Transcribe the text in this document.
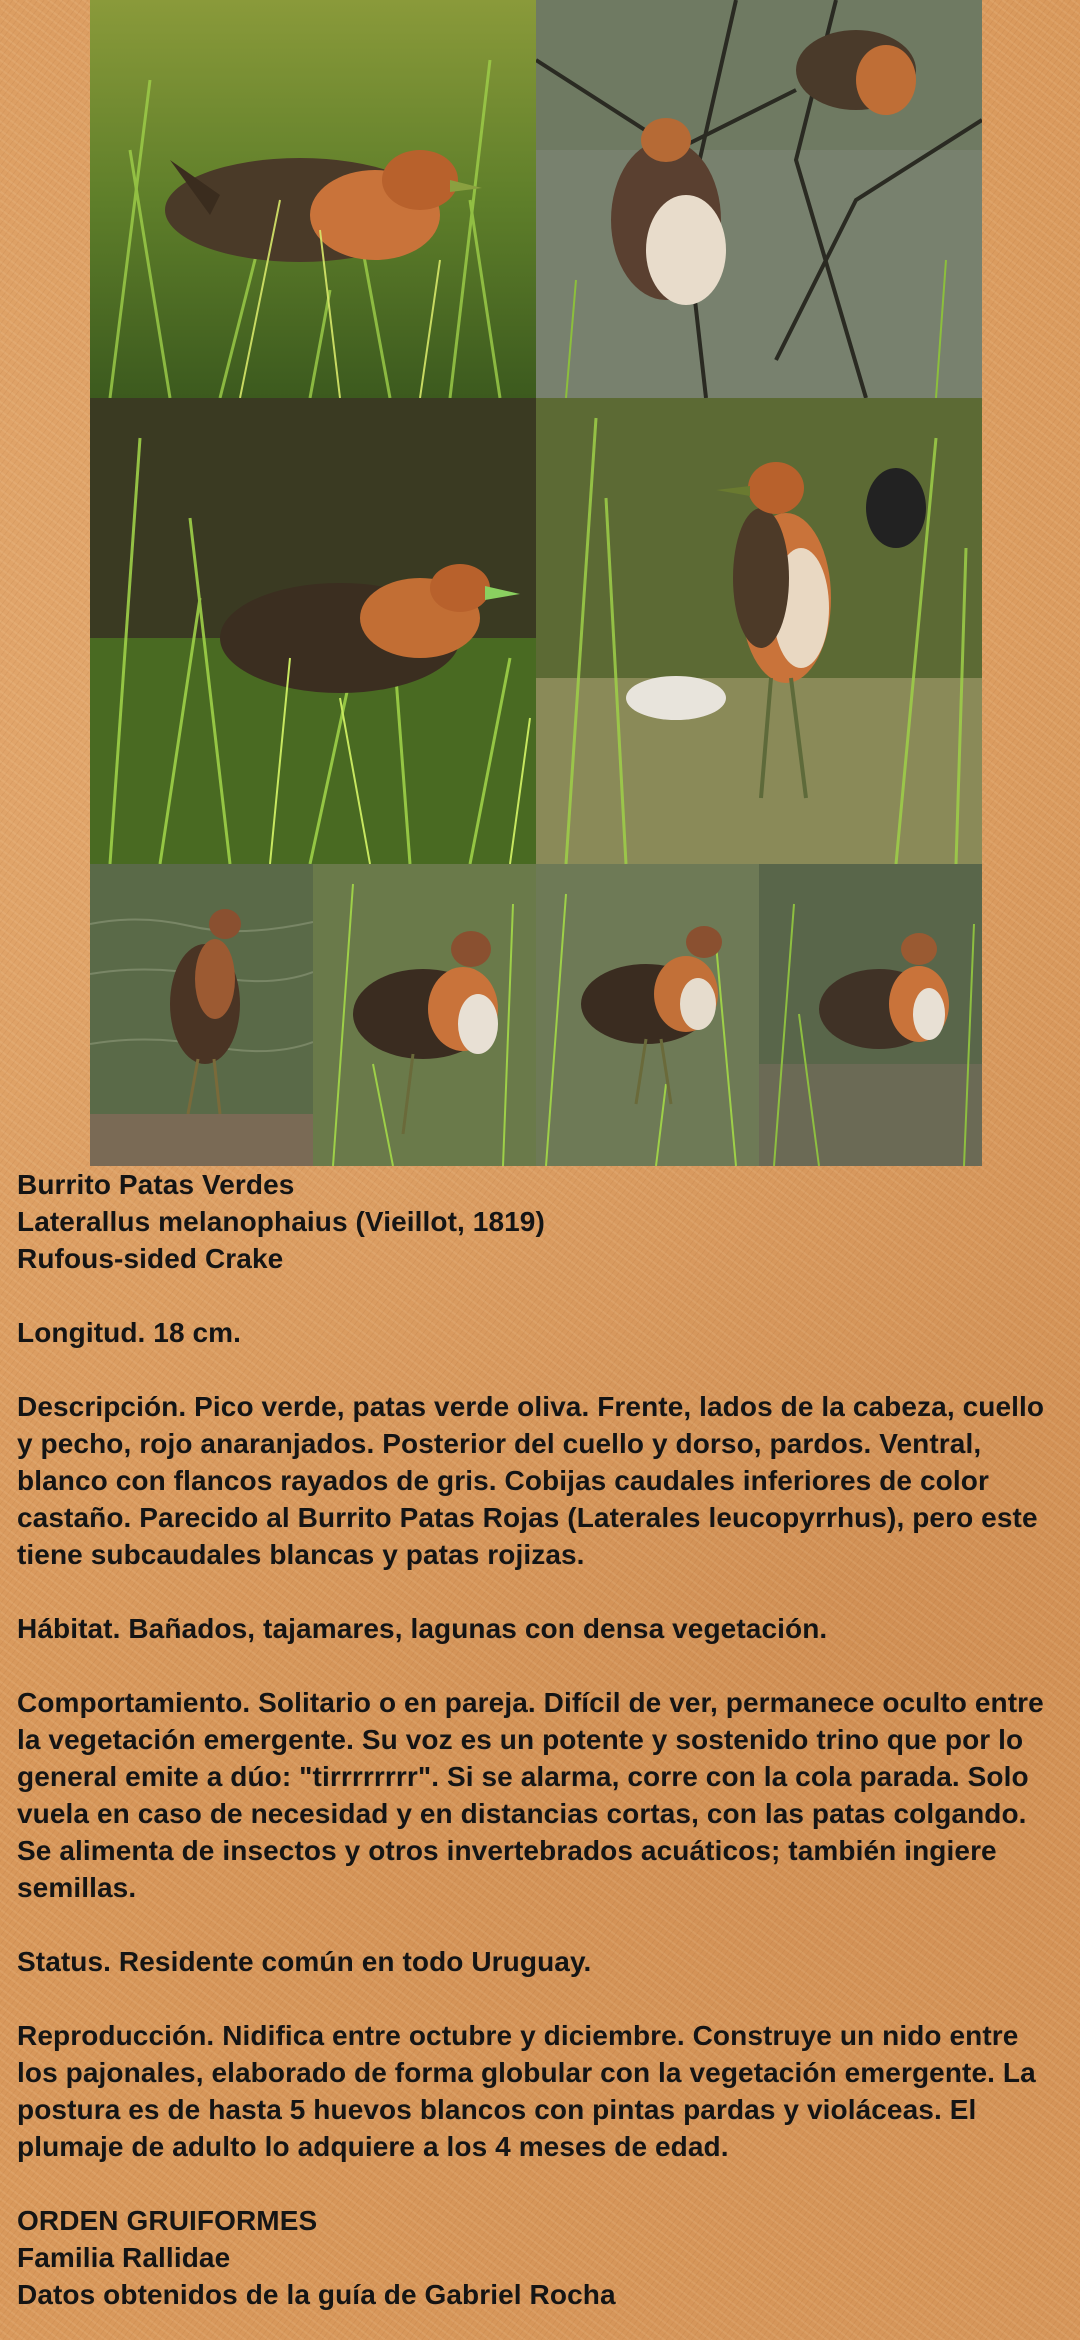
Burrito Patas Verdes

Laterallus melanophaius (Vieillot, 1819)

Rufous-sided Crake

Longitud. 18 cm.

Descripción. Pico verde, patas verde oliva. Frente, lados de la cabeza, cuello y pecho, rojo anaranjados. Posterior del cuello y dorso, pardos. Ventral, blanco con flancos rayados de gris. Cobijas caudales inferiores de color castaño. Parecido al Burrito Patas Rojas (Laterales leucopyrrhus), pero este tiene subcaudales blancas y patas rojizas.

Hábitat. Bañados, tajamares, lagunas con densa vegetación.

Comportamiento. Solitario o en pareja. Difícil de ver, permanece oculto entre la vegetación emergente. Su voz es un potente y sostenido trino que por lo general emite a dúo: "tirrrrrrrr". Si se alarma, corre con la cola parada. Solo vuela en caso de necesidad y en distancias cortas, con las patas colgando. Se alimenta de insectos y otros invertebrados acuáticos; también ingiere semillas.

Status. Residente común en todo Uruguay.

Reproducción. Nidifica entre octubre y diciembre. Construye un nido entre los pajonales, elaborado de forma globular con la vegetación emergente. La postura es de hasta 5 huevos blancos con pintas pardas y violáceas. El plumaje de adulto lo adquiere a los 4 meses de edad.

ORDEN GRUIFORMES

Familia Rallidae

Datos obtenidos de la guía de Gabriel Rocha
